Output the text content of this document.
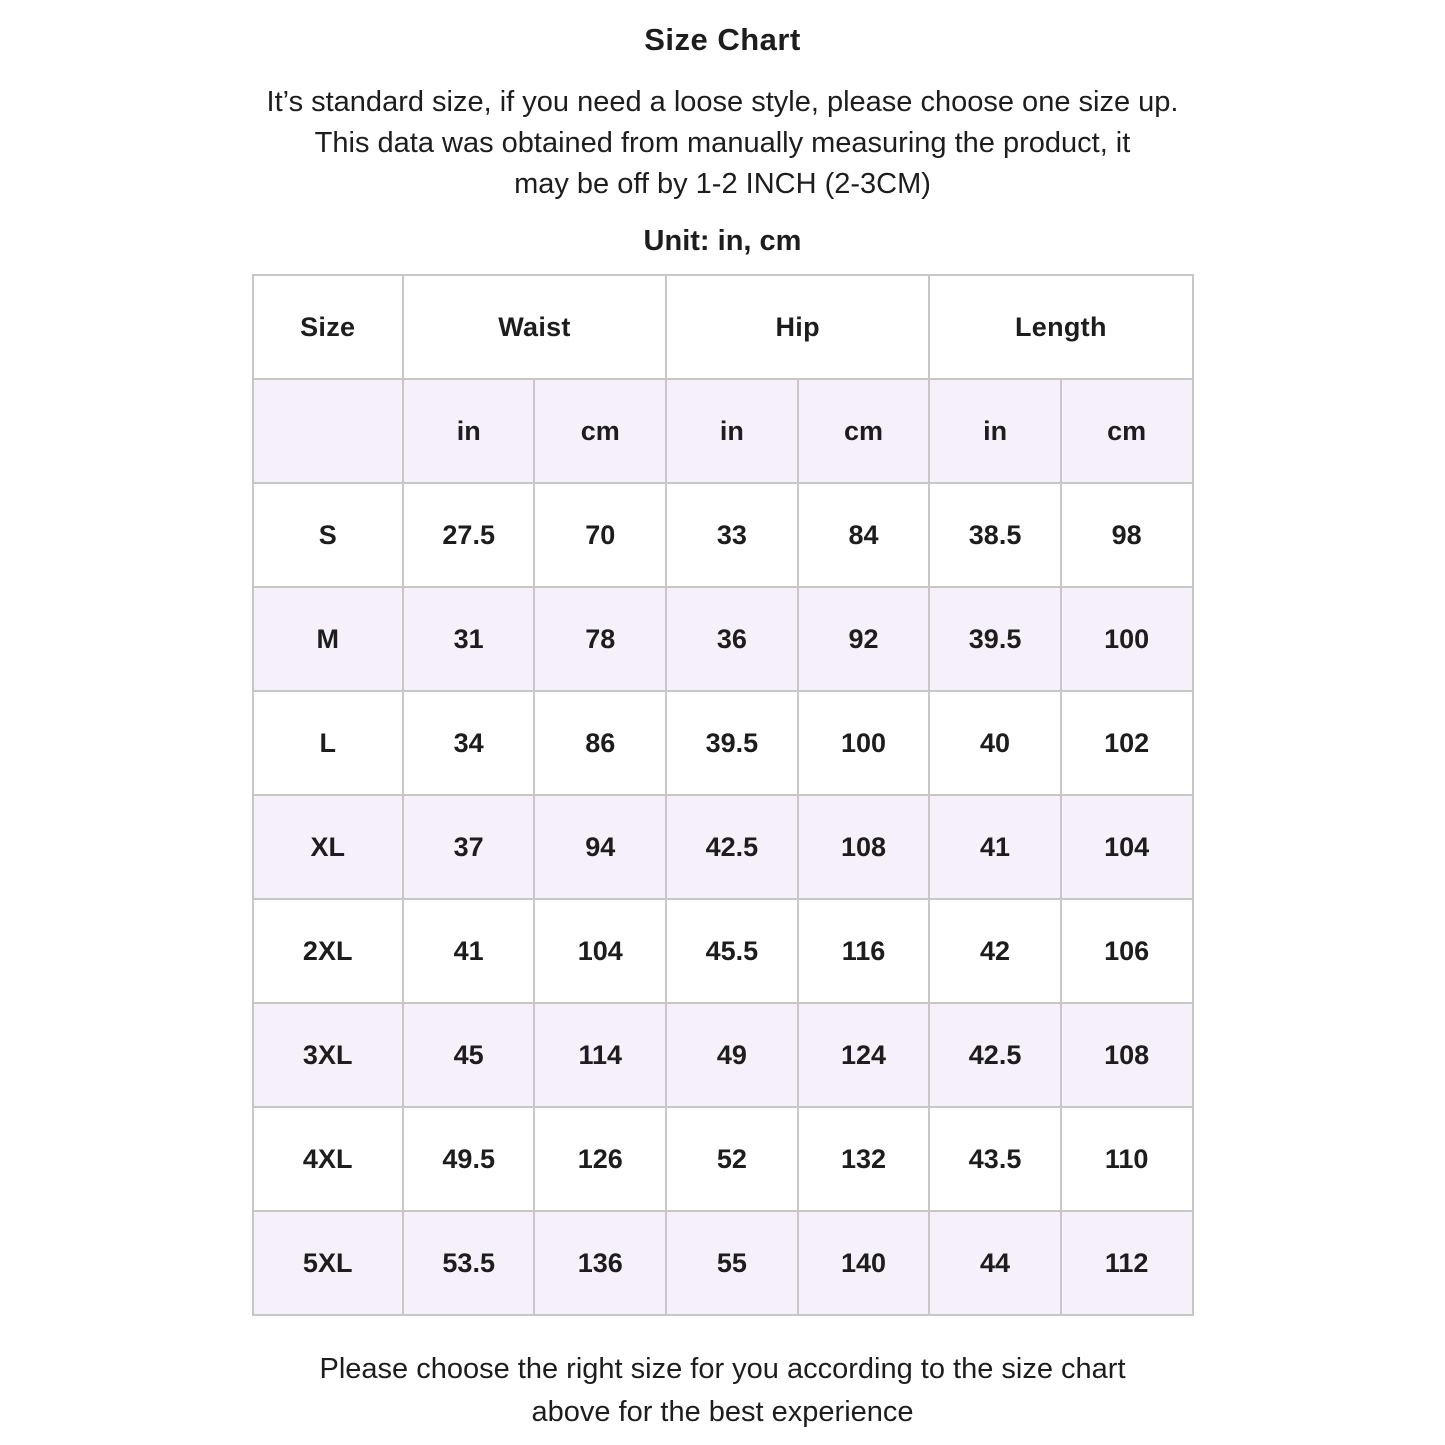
Size Chart
It’s standard size, if you need a loose style, please choose one size up.
This data was obtained from manually measuring the product, it
may be off by 1-2 INCH (2-3CM)
Unit: in, cm
Size	Waist		Hip		Length	
	in	cm	in	cm	in	cm
S	27.5	70	33	84	38.5	98
M	31	78	36	92	39.5	100
L	34	86	39.5	100	40	102
XL	37	94	42.5	108	41	104
2XL	41	104	45.5	116	42	106
3XL	45	114	49	124	42.5	108
4XL	49.5	126	52	132	43.5	110
5XL	53.5	136	55	140	44	112
Please choose the right size for you according to the size chart
above for the best experience
